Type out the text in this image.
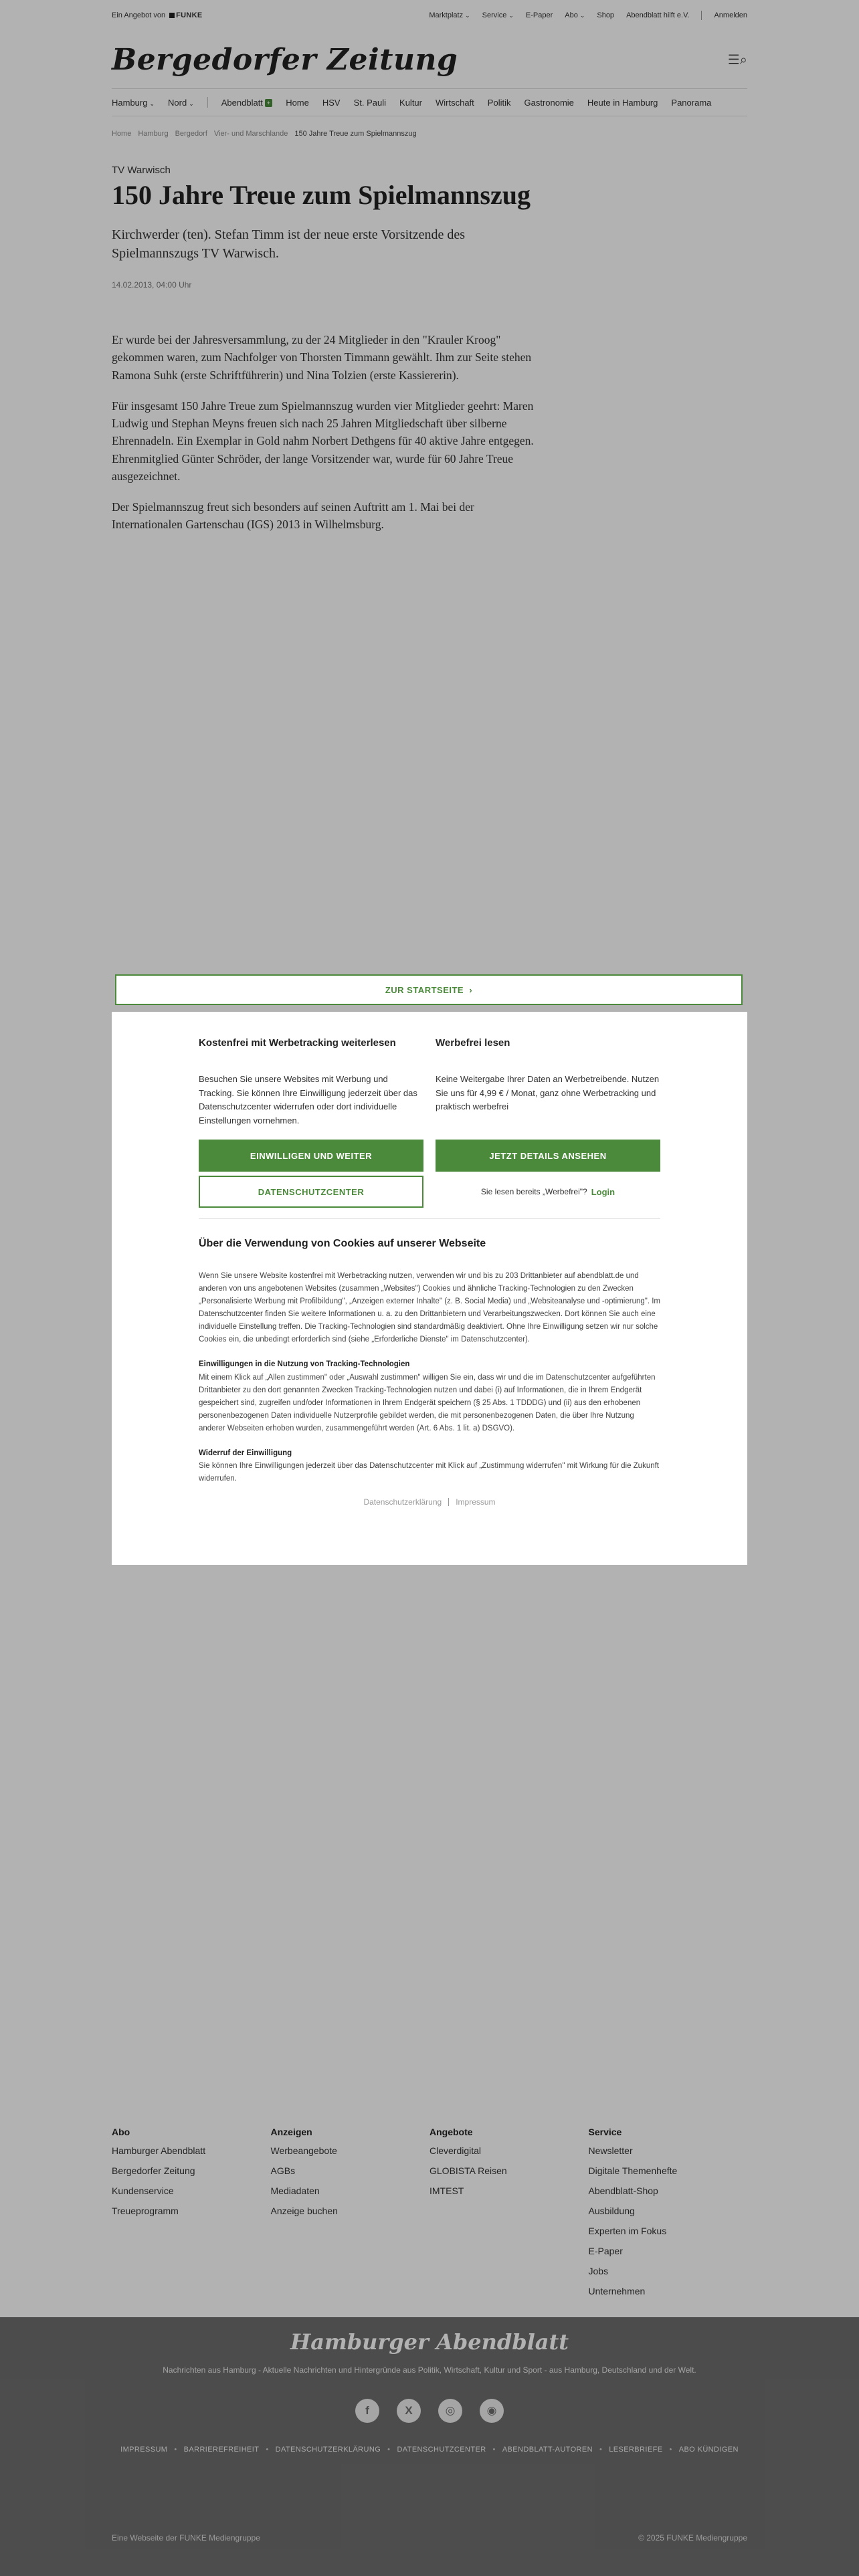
Ein Angebot von	FUNKE	Marktplatz ⌄ Service ⌄ E-Paper Abo ⌄ Shop Abendblatt hilft e.V.	Anmelden
Bergedorfer Zeitung	☰⌕
Hamburg ⌄ Nord ⌄	Abendblatt + Home HSV St. Pauli Kultur Wirtschaft Politik Gastronomie Heute in Hamburg Panorama
Home Hamburg Bergedorf Vier- und Marschlande 150 Jahre Treue zum Spielmannszug
TV Warwisch
150 Jahre Treue zum Spielmannszug

Kirchwerder (ten). Stefan Timm ist der neue erste Vorsitzende des Spielmannszugs TV Warwisch.

14.02.2013, 04:00 Uhr

Er wurde bei der Jahresversammlung, zu der 24 Mitglieder in den "Krauler Kroog" gekommen waren, zum Nachfolger von Thorsten Timmann gewählt. Ihm zur Seite stehen Ramona Suhk (erste Schriftführerin) und Nina Tolzien (erste Kassiererin).

Für insgesamt 150 Jahre Treue zum Spielmannszug wurden vier Mitglieder geehrt: Maren Ludwig und Stephan Meyns freuen sich nach 25 Jahren Mitgliedschaft über silberne Ehrennadeln. Ein Exemplar in Gold nahm Norbert Dethgens für 40 aktive Jahre entgegen. Ehrenmitglied Günter Schröder, der lange Vorsitzender war, wurde für 60 Jahre Treue ausgezeichnet.

Der Spielmannszug freut sich besonders auf seinen Auftritt am 1. Mai bei der Internationalen Gartenschau (IGS) 2013 in Wilhelmsburg.

Abo
Hamburger Abendblatt
Bergedorfer Zeitung
Kundenservice
Treueprogramm
Anzeigen
Werbeangebote
AGBs
Mediadaten
Anzeige buchen
Angebote
Cleverdigital
GLOBISTA Reisen
IMTEST
Service
Newsletter
Digitale Themenhefte
Abendblatt-Shop
Ausbildung
Experten im Fokus
E-Paper
Jobs
Unternehmen
Hamburger Abendblatt
Nachrichten aus Hamburg - Aktuelle Nachrichten und Hintergründe aus Politik, Wirtschaft, Kultur und Sport - aus Hamburg, Deutschland und der Welt.
f	X	◎	◉
IMPRESSUM • BARRIEREFREIHEIT • DATENSCHUTZERKLÄRUNG • DATENSCHUTZCENTER • ABENDBLATT-AUTOREN • LESERBRIEFE • ABO KÜNDIGEN
Eine Webseite der FUNKE Mediengruppe	© 2025 FUNKE Mediengruppe
ZUR STARTSEITE ›
Kostenfrei mit Werbetracking weiterlesen

Besuchen Sie unsere Websites mit Werbung und Tracking. Sie können Ihre Einwilligung jederzeit über das Datenschutzcenter widerrufen oder dort individuelle Einstellungen vornehmen.

EINWILLIGEN UND WEITER
DATENSCHUTZCENTER
Werbefrei lesen

Keine Weitergabe Ihrer Daten an Werbetreibende. Nutzen Sie uns für 4,99 € / Monat, ganz ohne Werbetracking und praktisch werbefrei

JETZT DETAILS ANSEHEN
Sie lesen bereits „Werbefrei"? Login
Über die Verwendung von Cookies auf unserer Webseite

Wenn Sie unsere Website kostenfrei mit Werbetracking nutzen, verwenden wir und bis zu 203 Drittanbieter auf abendblatt.de und anderen von uns angebotenen Websites (zusammen „Websites") Cookies und ähnliche Tracking-Technologien zu den Zwecken „Personalisierte Werbung mit Profilbildung", „Anzeigen externer Inhalte" (z. B. Social Media) und „Websiteanalyse und -optimierung". Im Datenschutzcenter finden Sie weitere Informationen u. a. zu den Drittanbietern und Verarbeitungszwecken. Dort können Sie auch eine individuelle Einstellung treffen. Die Tracking-Technologien sind standardmäßig deaktiviert. Ohne Ihre Einwilligung setzen wir nur solche Cookies ein, die unbedingt erforderlich sind (siehe „Erforderliche Dienste" im Datenschutzcenter).

Einwilligungen in die Nutzung von Tracking-Technologien
Mit einem Klick auf „Allen zustimmen" oder „Auswahl zustimmen" willigen Sie ein, dass wir und die im Datenschutzcenter aufgeführten Drittanbieter zu den dort genannten Zwecken Tracking-Technologien nutzen und dabei (i) auf Informationen, die in Ihrem Endgerät gespeichert sind, zugreifen und/oder Informationen in Ihrem Endgerät speichern (§ 25 Abs. 1 TDDDG) und (ii) aus den erhobenen personenbezogenen Daten individuelle Nutzerprofile gebildet werden, die mit personenbezogenen Daten, die über Ihre Nutzung anderer Webseiten erhoben wurden, zusammengeführt werden (Art. 6 Abs. 1 lit. a) DSGVO).

Widerruf der Einwilligung
Sie können Ihre Einwilligungen jederzeit über das Datenschutzcenter mit Klick auf „Zustimmung widerrufen" mit Wirkung für die Zukunft widerrufen.

Datenschutzerklärung Impressum
